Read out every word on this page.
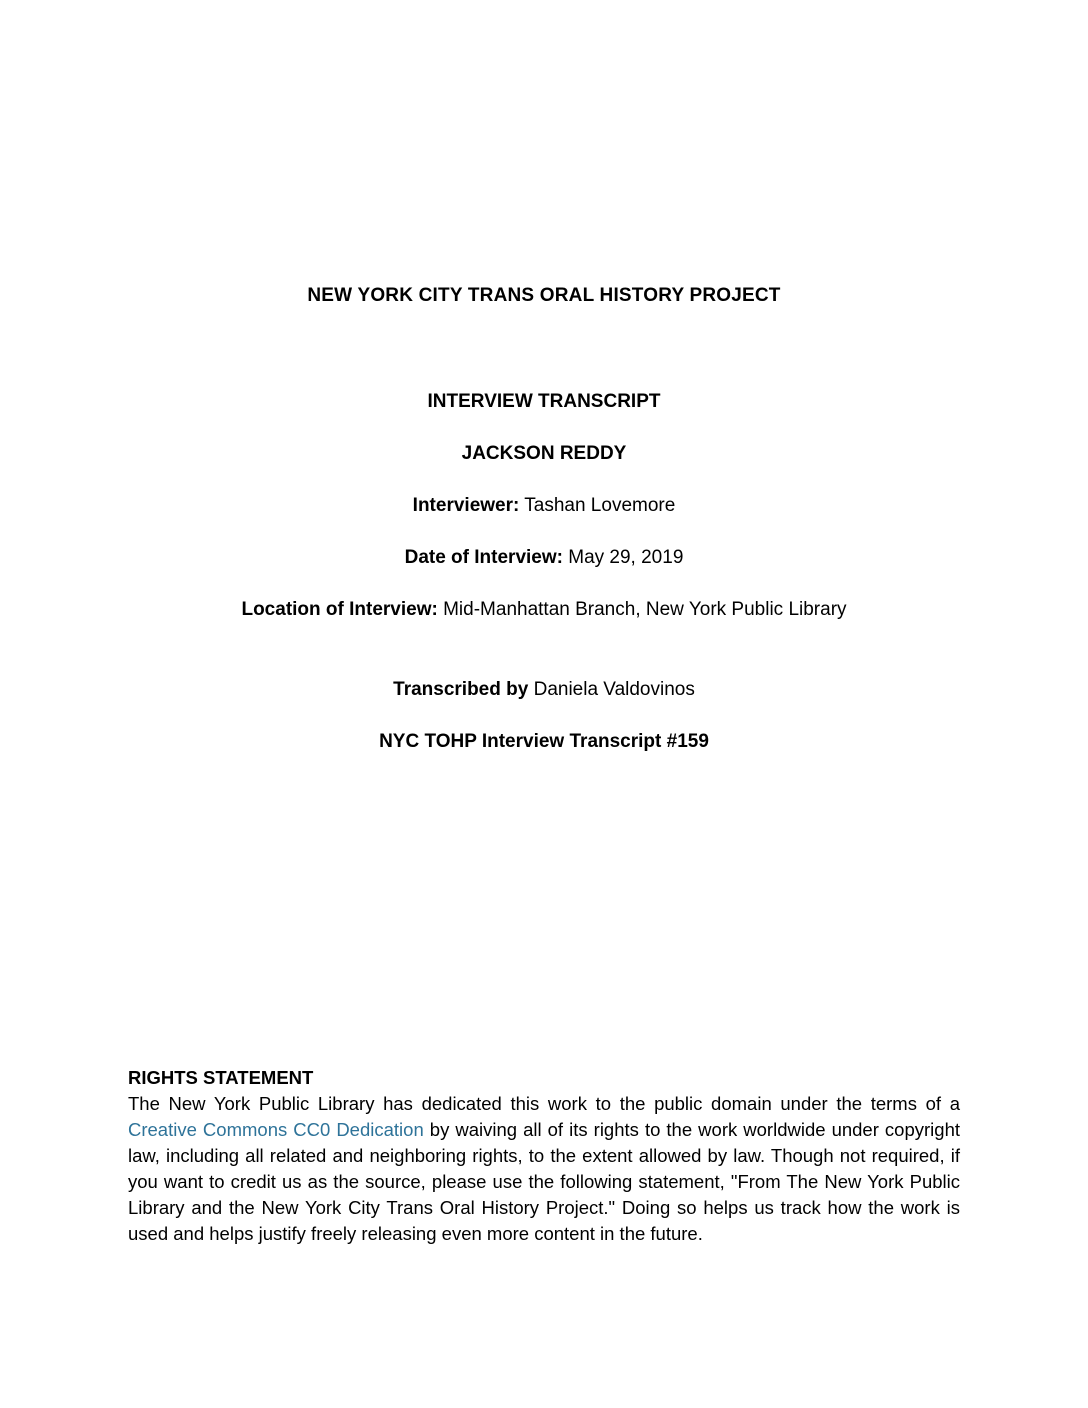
NEW YORK CITY TRANS ORAL HISTORY PROJECT
INTERVIEW TRANSCRIPT
JACKSON REDDY
Interviewer: Tashan Lovemore
Date of Interview: May 29, 2019
Location of Interview: Mid-Manhattan Branch, New York Public Library
Transcribed by Daniela Valdovinos
NYC TOHP Interview Transcript #159
RIGHTS STATEMENT
The New York Public Library has dedicated this work to the public domain under the terms of a Creative Commons CC0 Dedication by waiving all of its rights to the work worldwide under copyright law, including all related and neighboring rights, to the extent allowed by law. Though not required, if you want to credit us as the source, please use the following statement, "From The New York Public Library and the New York City Trans Oral History Project." Doing so helps us track how the work is used and helps justify freely releasing even more content in the future.
